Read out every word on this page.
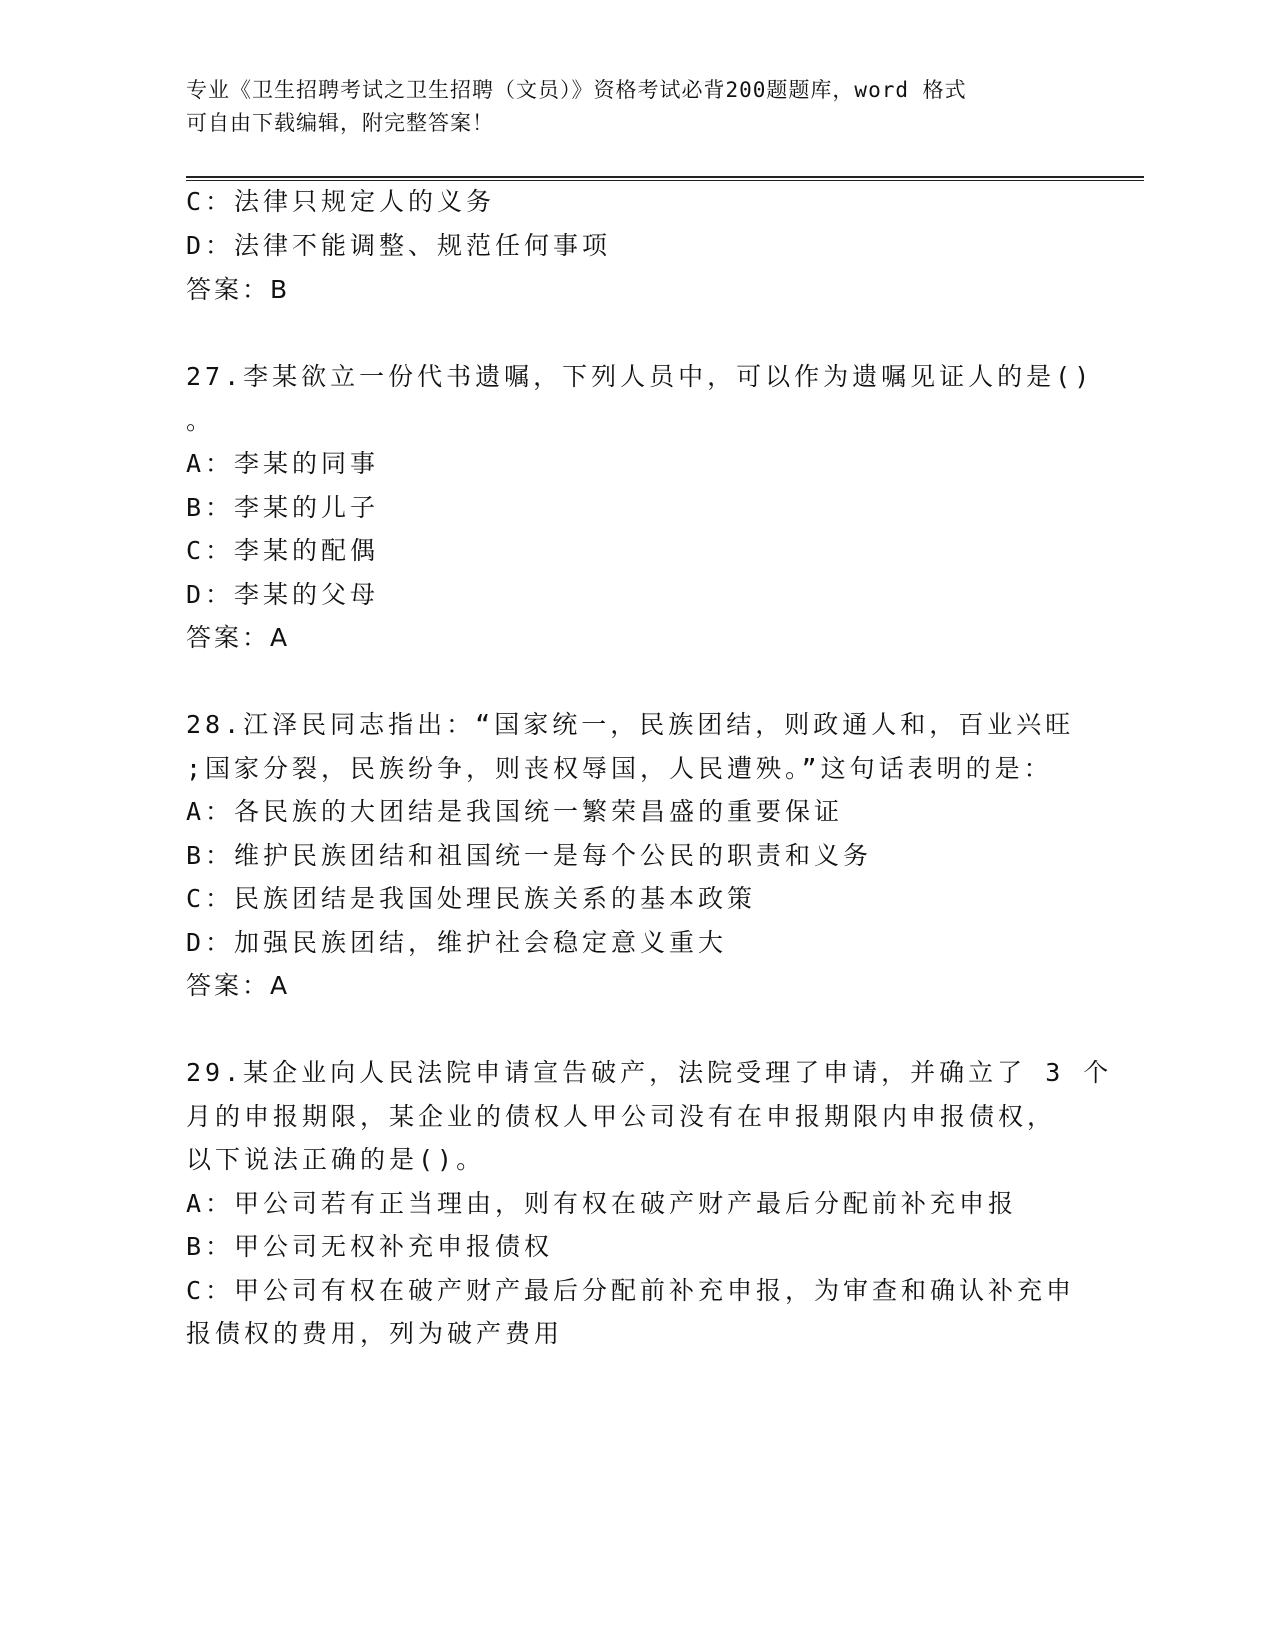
专业《卫生招聘考试之卫生招聘（文员）》资格考试必背200题题库，word 格式
可自由下载编辑，附完整答案！
C：法律只规定人的义务
D：法律不能调整、规范任何事项
答案：B
27.李某欲立一份代书遗嘱，下列人员中，可以作为遗嘱见证人的是()
。
A：李某的同事
B：李某的儿子
C：李某的配偶
D：李某的父母
答案：A
28.江泽民同志指出：“国家统一，民族团结，则政通人和，百业兴旺
;国家分裂，民族纷争，则丧权辱国，人民遭殃。”这句话表明的是：
A：各民族的大团结是我国统一繁荣昌盛的重要保证
B：维护民族团结和祖国统一是每个公民的职责和义务
C：民族团结是我国处理民族关系的基本政策
D：加强民族团结，维护社会稳定意义重大
答案：A
29.某企业向人民法院申请宣告破产，法院受理了申请，并确立了 3 个
月的申报期限，某企业的债权人甲公司没有在申报期限内申报债权，
以下说法正确的是()。
A：甲公司若有正当理由，则有权在破产财产最后分配前补充申报
B：甲公司无权补充申报债权
C：甲公司有权在破产财产最后分配前补充申报，为审查和确认补充申
报债权的费用，列为破产费用
